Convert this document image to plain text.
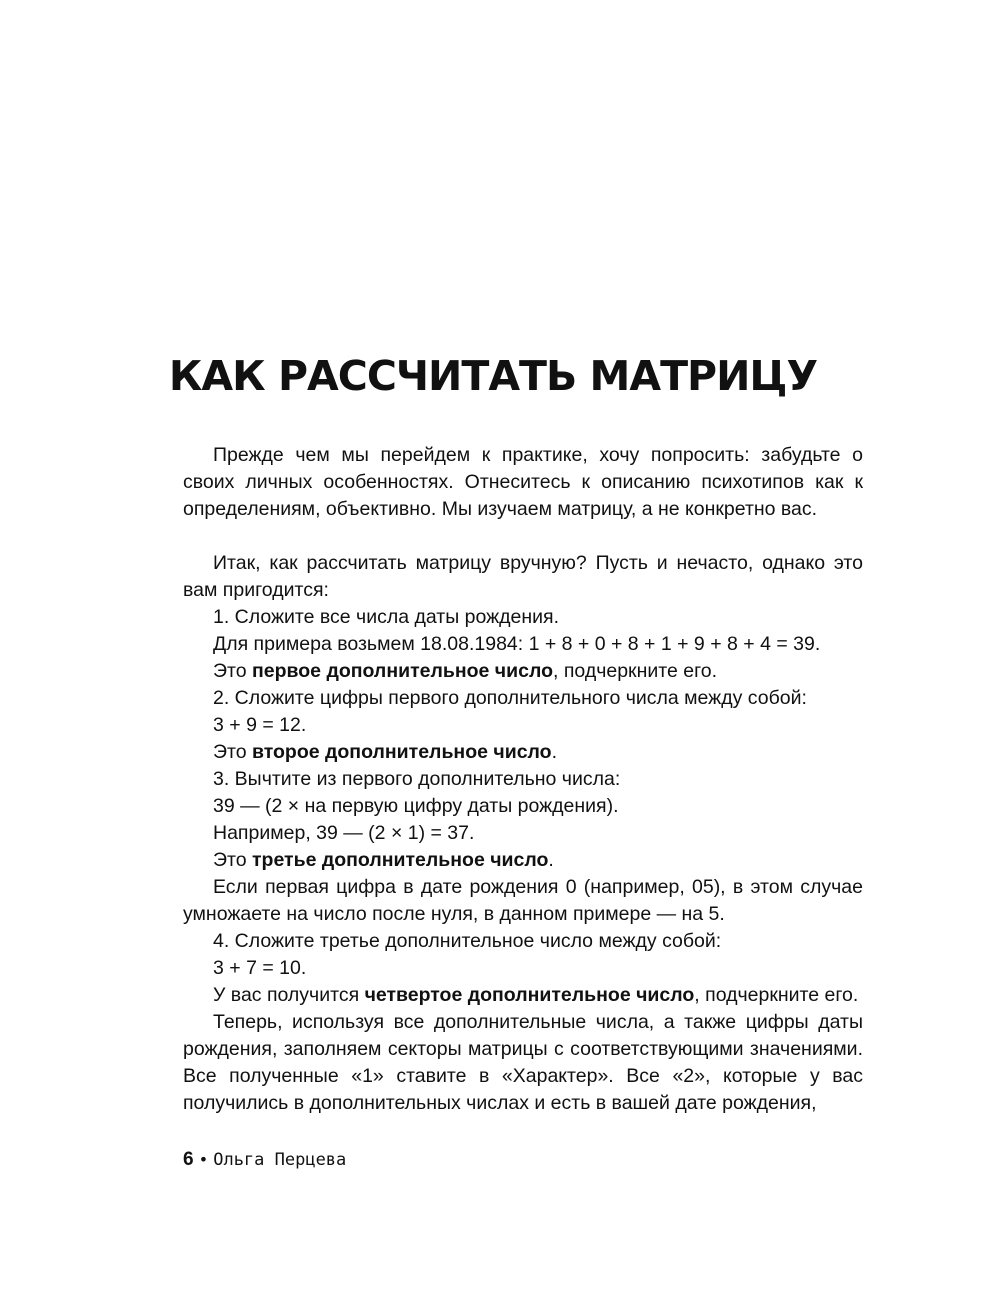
КАК РАССЧИТАТЬ МАТРИЦУ

Прежде чем мы перейдем к практике, хочу попросить: забудьте о своих личных особенностях. Отнеситесь к описанию психотипов как к определениям, объективно. Мы изучаем матрицу, а не конкретно вас.

Итак, как рассчитать матрицу вручную? Пусть и нечасто, однако это вам пригодится:

1. Сложите все числа даты рождения.

Для примера возьмем 18.08.1984: 1 + 8 + 0 + 8 + 1 + 9 + 8 + 4 = 39.

Это первое дополнительное число, подчеркните его.

2. Сложите цифры первого дополнительного числа между собой:

3 + 9 = 12.

Это второе дополнительное число.

3. Вычтите из первого дополнительно числа:

39 — (2 × на первую цифру даты рождения).

Например, 39 — (2 × 1) = 37.

Это третье дополнительное число.

Если первая цифра в дате рождения 0 (например, 05), в этом случае умножаете на число после нуля, в данном примере — на 5.

4. Сложите третье дополнительное число между собой:

3 + 7 = 10.

У вас получится четвертое дополнительное число, подчеркните его.

Теперь, используя все дополнительные числа, а также цифры даты рождения, заполняем секторы матрицы с соответствующими значениями. Все полученные «1» ставите в «Характер». Все «2», которые у вас получились в дополнительных числах и есть в вашей дате рождения,

6 • Ольга Перцева
